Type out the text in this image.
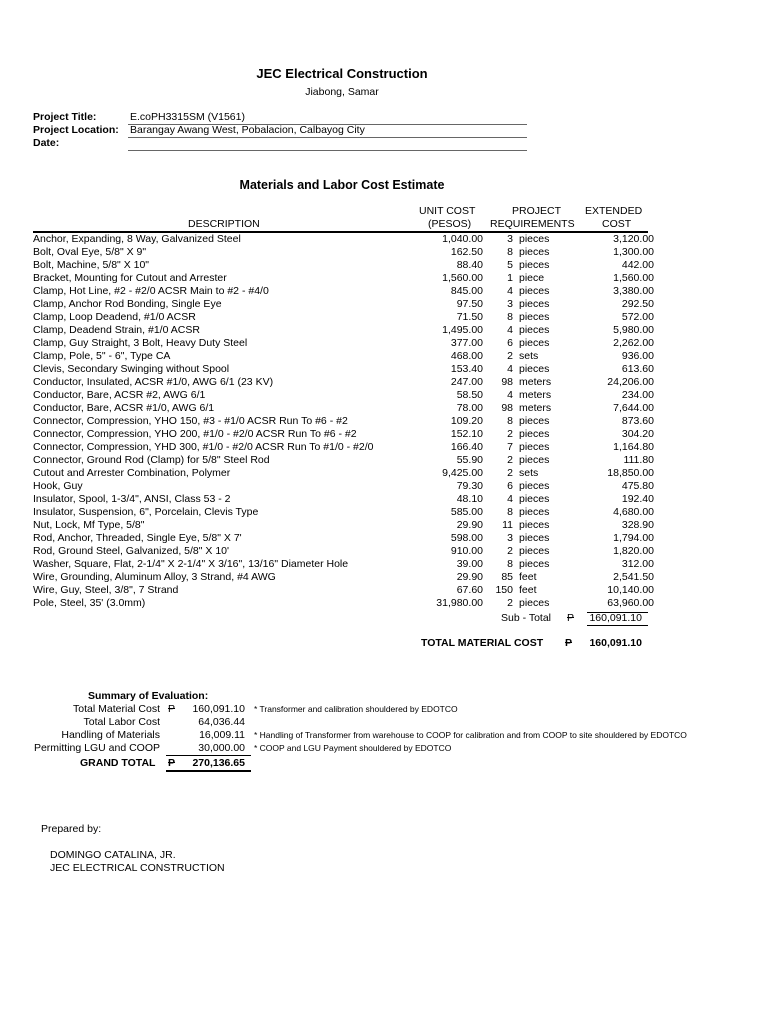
JEC Electrical Construction
Jiabong, Samar
Project Title:	E.coPH3315SM (V1561)
Project Location: Barangay Awang West, Pobalacion, Calbayog City
Date:
Materials and Labor Cost Estimate
UNIT COST
(PESOS)
PROJECT
REQUIREMENTS
EXTENDED
COST
DESCRIPTION
Anchor, Expanding, 8 Way, Galvanized Steel	1,040.00	3	pieces	3,120.00
Bolt, Oval Eye, 5/8" X 9"	162.50	8	pieces	1,300.00
Bolt, Machine, 5/8" X 10"	88.40	5	pieces	442.00
Bracket, Mounting for Cutout and Arrester	1,560.00	1	piece	1,560.00
Clamp, Hot Line, #2 - #2/0 ACSR Main to #2 - #4/0	845.00	4	pieces	3,380.00
Clamp, Anchor Rod Bonding, Single Eye	97.50	3	pieces	292.50
Clamp, Loop Deadend, #1/0 ACSR	71.50	8	pieces	572.00
Clamp, Deadend Strain, #1/0 ACSR	1,495.00	4	pieces	5,980.00
Clamp, Guy Straight, 3 Bolt, Heavy Duty Steel	377.00	6	pieces	2,262.00
Clamp, Pole, 5" - 6", Type CA	468.00	2	sets	936.00
Clevis, Secondary Swinging without Spool	153.40	4	pieces	613.60
Conductor, Insulated, ACSR #1/0, AWG 6/1 (23 KV)	247.00	98	meters	24,206.00
Conductor, Bare, ACSR #2, AWG 6/1	58.50	4	meters	234.00
Conductor, Bare, ACSR #1/0, AWG 6/1	78.00	98	meters	7,644.00
Connector, Compression, YHO 150, #3 - #1/0 ACSR Run To #6 - #2	109.20	8	pieces	873.60
Connector, Compression, YHO 200, #1/0 - #2/0 ACSR Run To #6 - #2	152.10	2	pieces	304.20
Connector, Compression, YHD 300, #1/0 - #2/0 ACSR Run To #1/0 - #2/0	166.40	7	pieces	1,164.80
Connector, Ground Rod (Clamp) for 5/8" Steel Rod	55.90	2	pieces	111.80
Cutout and Arrester Combination, Polymer	9,425.00	2	sets	18,850.00
Hook, Guy	79.30	6	pieces	475.80
Insulator, Spool, 1-3/4", ANSI, Class 53 - 2	48.10	4	pieces	192.40
Insulator, Suspension, 6", Porcelain, Clevis Type	585.00	8	pieces	4,680.00
Nut, Lock, Mf Type, 5/8"	29.90	11	pieces	328.90
Rod, Anchor, Threaded, Single Eye, 5/8" X 7'	598.00	3	pieces	1,794.00
Rod, Ground Steel, Galvanized, 5/8" X 10'	910.00	2	pieces	1,820.00
Washer, Square, Flat, 2-1/4" X 2-1/4" X 3/16", 13/16" Diameter Hole	39.00	8	pieces	312.00
Wire, Grounding, Aluminum Alloy, 3 Strand, #4 AWG	29.90	85	feet	2,541.50
Wire, Guy, Steel, 3/8", 7 Strand	67.60	150	feet	10,140.00
Pole, Steel, 35' (3.0mm)	31,980.00	2	pieces	63,960.00
Sub - Total P	160,091.10
TOTAL MATERIAL COST P	160,091.10
Summary of Evaluation:
Total Material Cost P	160,091.10 * Transformer and calibration shouldered by EDOTCO
Total Labor Cost	64,036.44
Handling of Materials	16,009.11 * Handling of Transformer from warehouse to COOP for calibration and from COOP to site shouldered by EDOTCO
Permitting LGU and COOP	30,000.00 * COOP and LGU Payment shouldered by EDOTCO
GRAND TOTAL P	270,136.65
Prepared by:
DOMINGO CATALINA, JR.
JEC ELECTRICAL CONSTRUCTION
